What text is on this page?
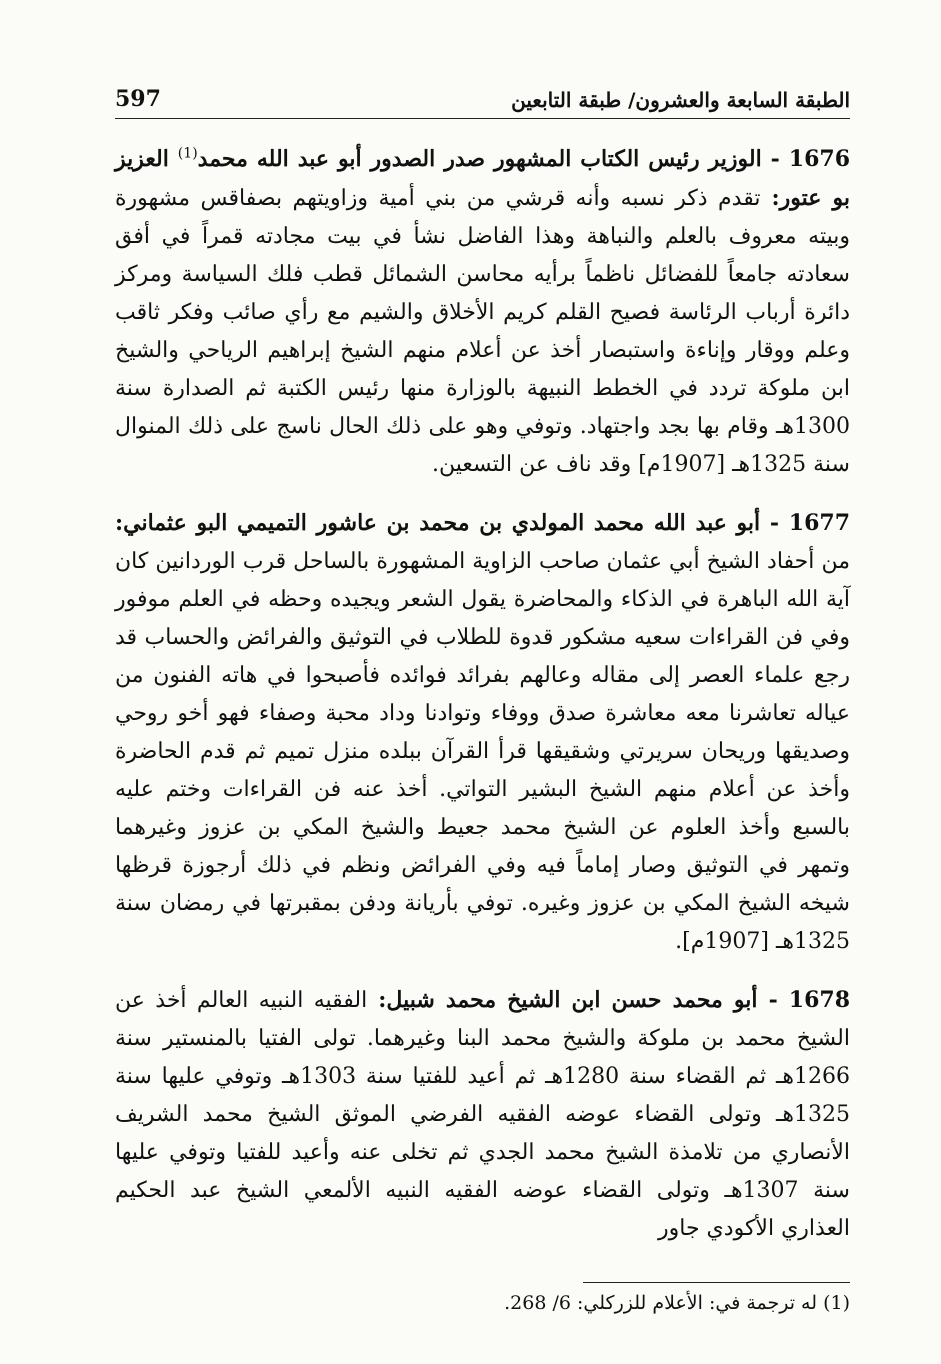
597	الطبقة السابعة والعشرون/ طبقة التابعين

1676 - الوزير رئيس الكتاب المشهور صدر الصدور أبو عبد الله محمد$^{(1)}$ العزيز بو عتور: تقدم ذكر نسبه وأنه قرشي من بني أمية وزاويتهم بصفاقس مشهورة وبيته معروف بالعلم والنباهة وهذا الفاضل نشأ في بيت مجادته قمراً في أفق سعادته جامعاً للفضائل ناظماً برأيه محاسن الشمائل قطب فلك السياسة ومركز دائرة أرباب الرئاسة فصيح القلم كريم الأخلاق والشيم مع رأي صائب وفكر ثاقب وعلم ووقار وإناءة واستبصار أخذ عن أعلام منهم الشيخ إبراهيم الرياحي والشيخ ابن ملوكة تردد في الخطط النبيهة بالوزارة منها رئيس الكتبة ثم الصدارة سنة 1300هـ وقام بها بجد واجتهاد. وتوفي وهو على ذلك الحال ناسج على ذلك المنوال سنة 1325هـ [1907م] وقد ناف عن التسعين.

1677 - أبو عبد الله محمد المولدي بن محمد بن عاشور التميمي البو عثماني: من أحفاد الشيخ أبي عثمان صاحب الزاوية المشهورة بالساحل قرب الوردانين كان آية الله الباهرة في الذكاء والمحاضرة يقول الشعر ويجيده وحظه في العلم موفور وفي فن القراءات سعيه مشكور قدوة للطلاب في التوثيق والفرائض والحساب قد رجع علماء العصر إلى مقاله وعالهم بفرائد فوائده فأصبحوا في هاته الفنون من عياله تعاشرنا معه معاشرة صدق ووفاء وتوادنا وداد محبة وصفاء فهو أخو روحي وصديقها وريحان سريرتي وشقيقها قرأ القرآن ببلده منزل تميم ثم قدم الحاضرة وأخذ عن أعلام منهم الشيخ البشير التواتي. أخذ عنه فن القراءات وختم عليه بالسبع وأخذ العلوم عن الشيخ محمد جعيط والشيخ المكي بن عزوز وغيرهما وتمهر في التوثيق وصار إماماً فيه وفي الفرائض ونظم في ذلك أرجوزة قرظها شيخه الشيخ المكي بن عزوز وغيره. توفي بأريانة ودفن بمقبرتها في رمضان سنة 1325هـ [1907م].

1678 - أبو محمد حسن ابن الشيخ محمد شبيل: الفقيه النبيه العالم أخذ عن الشيخ محمد بن ملوكة والشيخ محمد البنا وغيرهما. تولى الفتيا بالمنستير سنة 1266هـ ثم القضاء سنة 1280هـ ثم أعيد للفتيا سنة 1303هـ وتوفي عليها سنة 1325هـ وتولى القضاء عوضه الفقيه الفرضي الموثق الشيخ محمد الشريف الأنصاري من تلامذة الشيخ محمد الجدي ثم تخلى عنه وأعيد للفتيا وتوفي عليها سنة 1307هـ وتولى القضاء عوضه الفقيه النبيه الألمعي الشيخ عبد الحكيم العذاري الأكودي جاور

(1) له ترجمة في: الأعلام للزركلي: 6/ 268.
